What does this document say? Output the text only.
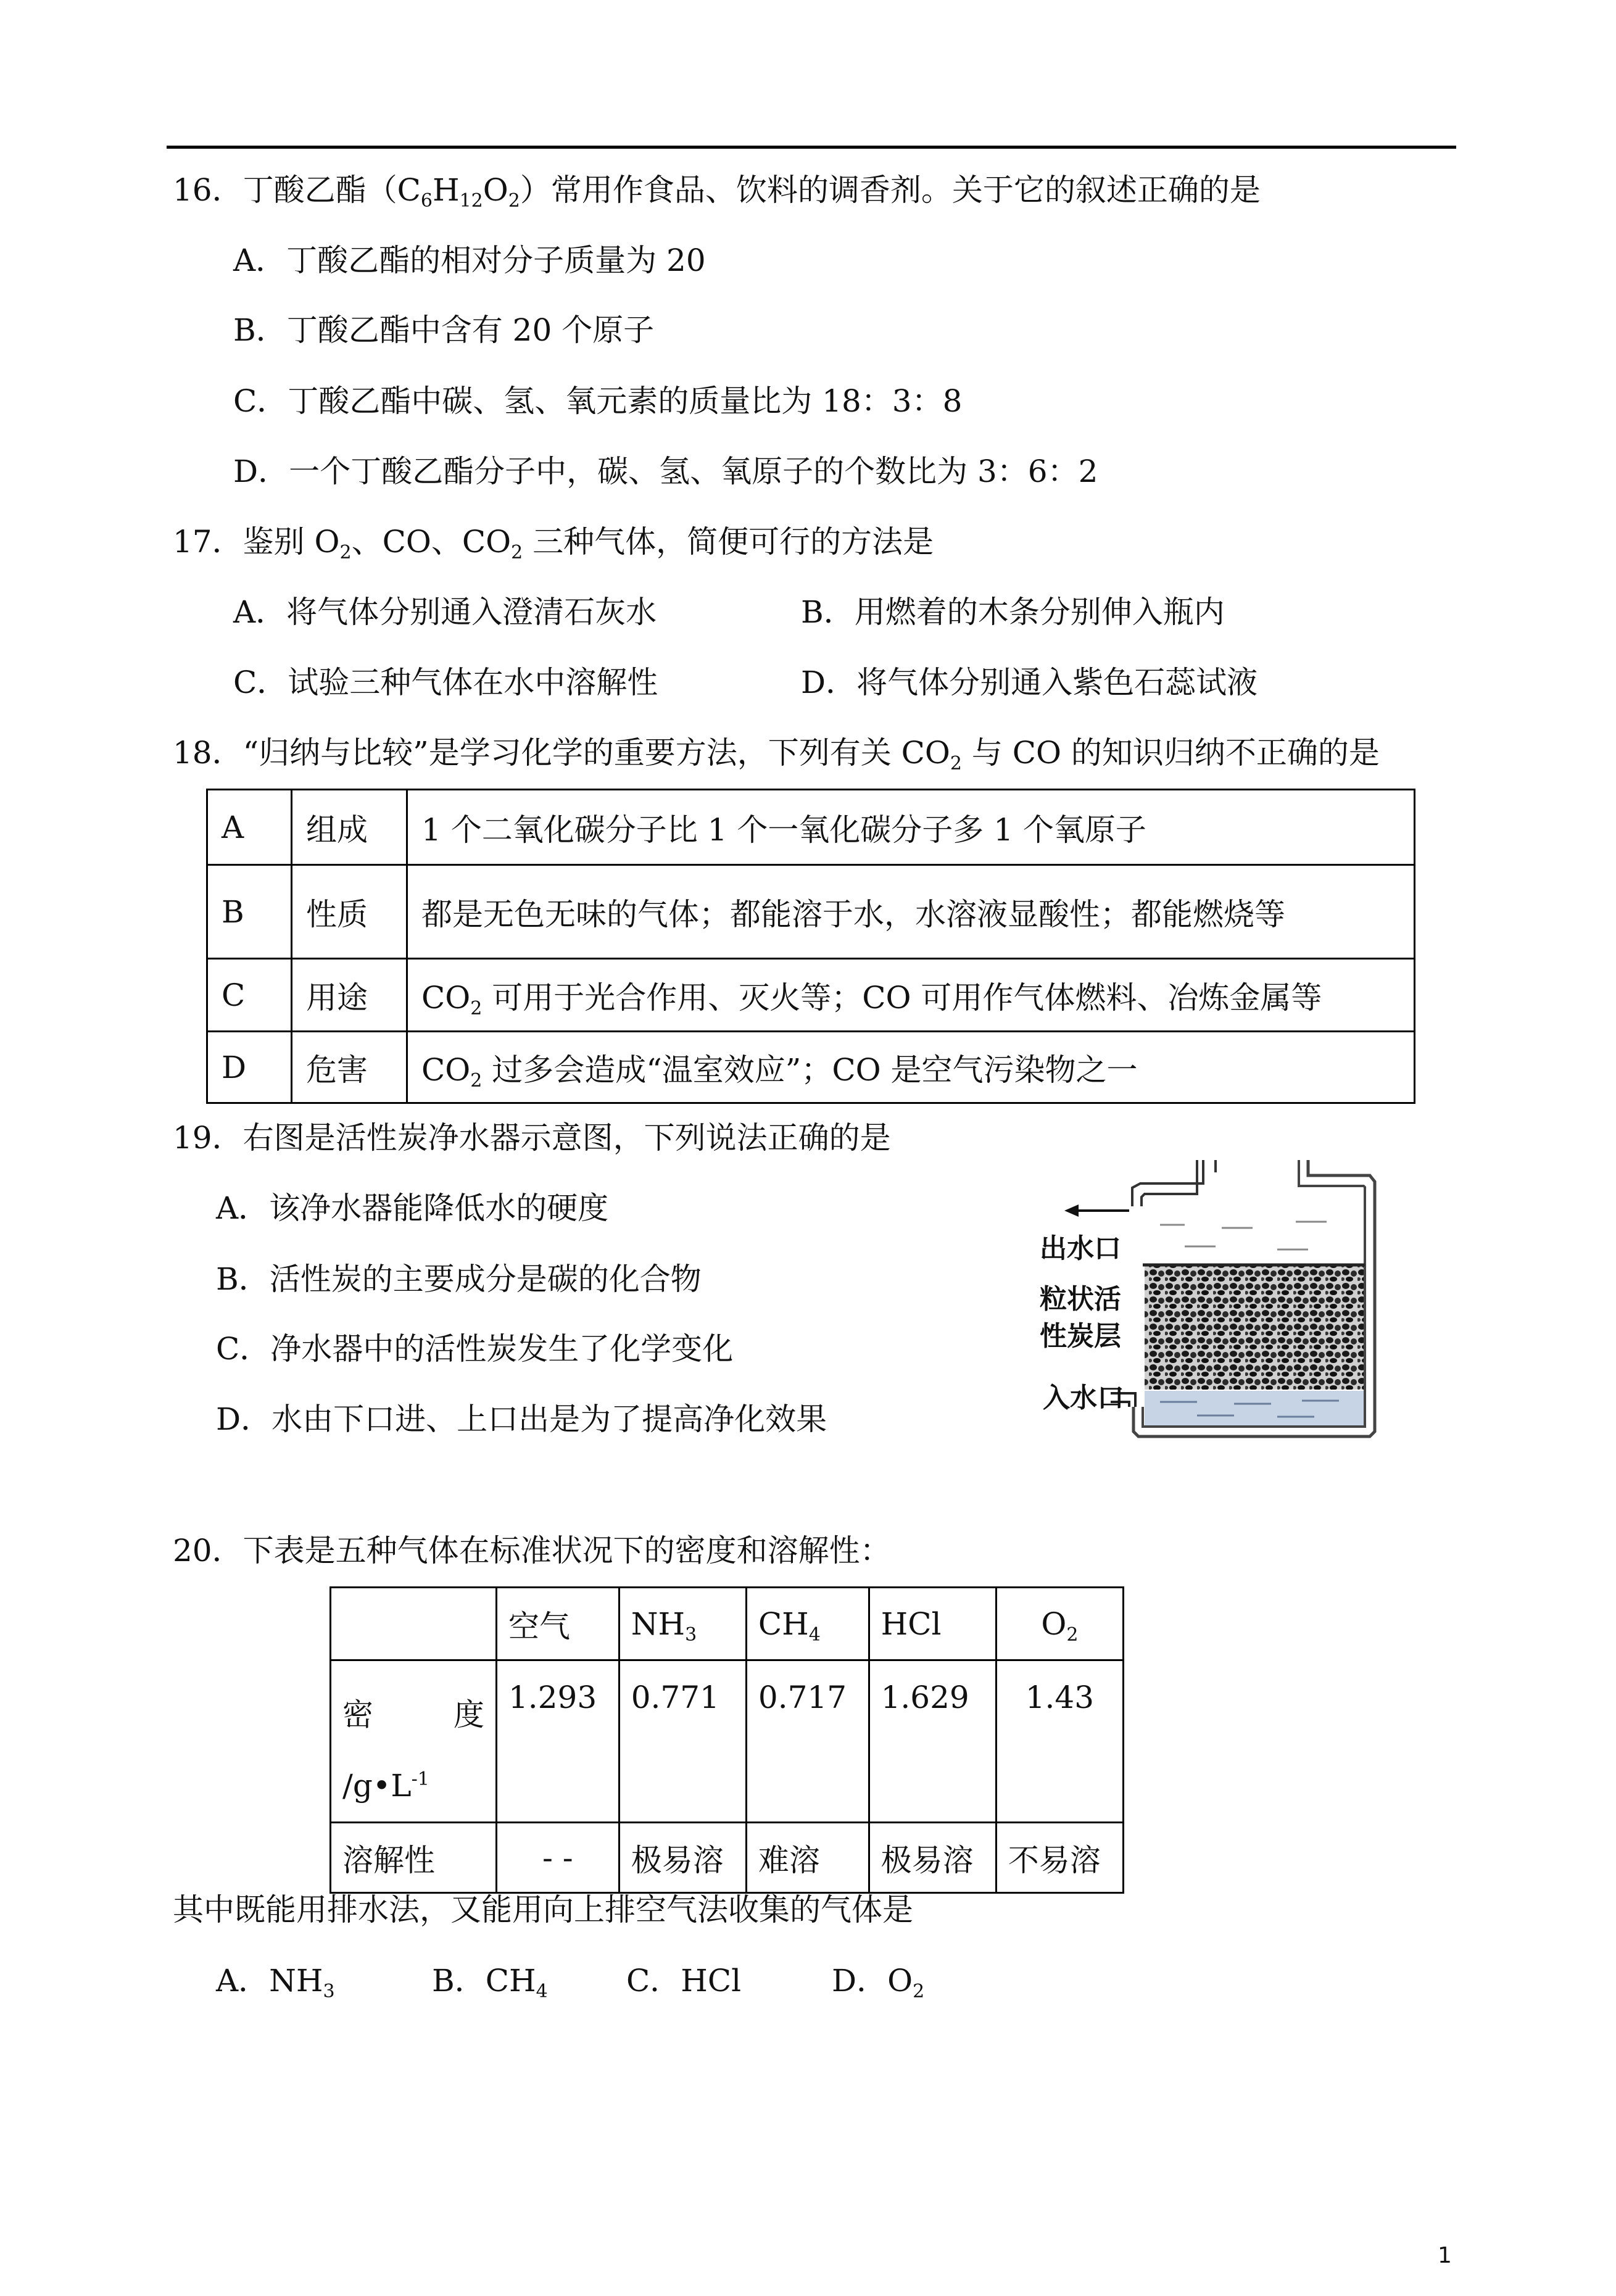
16．丁酸乙酯$(C_6H_{12}O_2)$常用作食品、饮料的调香剂。关于它的叙述正确的是
A．丁酸乙酯的相对分子质量为 20
B．丁酸乙酯中含有 20 个原子
C．丁酸乙酯中碳、氢、氧元素的质量比为 18：3：8
D．一个丁酸乙酯分子中，碳、氢、氧原子的个数比为 3：6：2
17．鉴别 $O_2$、CO、$CO_2$ 三种气体，简便可行的方法是
A．将气体分别通入澄清石灰水	B．用燃着的木条分别伸入瓶内
C．试验三种气体在水中溶解性	D．将气体分别通入紫色石蕊试液
18．“归纳与比较”是学习化学的重要方法，下列有关 $CO_2$ 与 CO 的知识归纳不正确的是
A	组成	1 个二氧化碳分子比 1 个一氧化碳分子多 1 个氧原子
B	性质	都是无色无味的气体；都能溶于水，水溶液显酸性；都能燃烧等
C	用途	$CO_2$ 可用于光合作用、灭火等；CO 可用作气体燃料、冶炼金属等
D	危害	$CO_2$ 过多会造成“温室效应”；CO 是空气污染物之一
19．右图是活性炭净水器示意图，下列说法正确的是
A．该净水器能降低水的硬度
B．活性炭的主要成分是碳的化合物
C．净水器中的活性炭发生了化学变化
D．水由下口进、上口出是为了提高净化效果
出水口
粒状活
性炭层
入水口
20．下表是五种气体在标准状况下的密度和溶解性：
	空气	$NH_3$	$CH_4$	HCl	$O_2$

密 度
$/g•L^{-1}$	1.293	0.771	0.717	1.629	1.43
溶解性	- -	极易溶	难溶	极易溶	不易溶
其中既能用排水法，又能用向上排空气法收集的气体是
A．$NH_3$	B．$CH_4$	C．HCl	D．$O_2$
1
